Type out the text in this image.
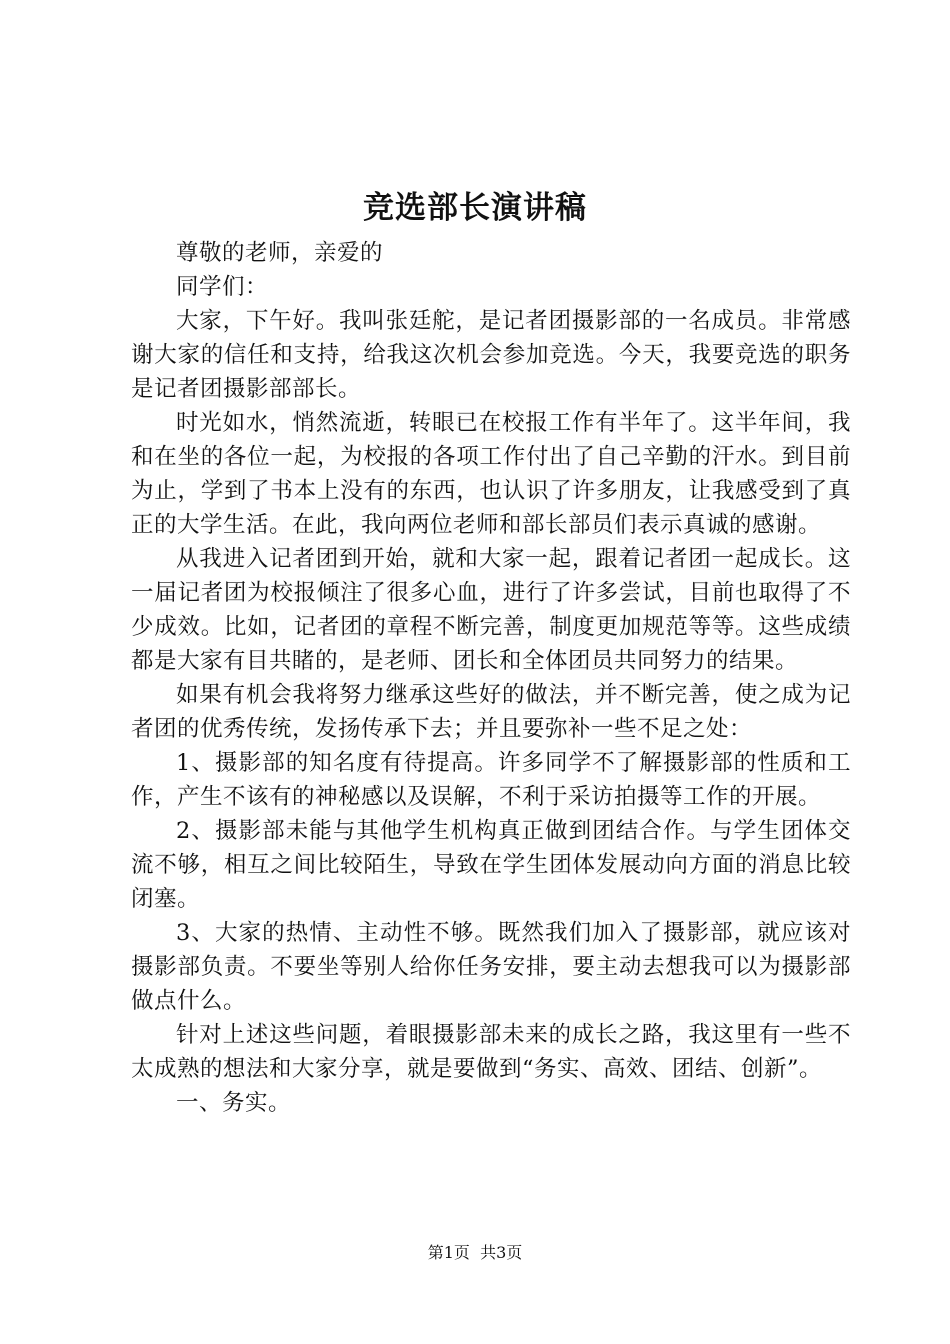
竞选部长演讲稿

尊敬的老师，亲爱的

同学们：

大家，下午好。我叫张廷舵，是记者团摄影部的一名成员。非常感谢大家的信任和支持，给我这次机会参加竞选。今天，我要竞选的职务是记者团摄影部部长。

时光如水，悄然流逝，转眼已在校报工作有半年了。这半年间，我和在坐的各位一起，为校报的各项工作付出了自己辛勤的汗水。到目前为止，学到了书本上没有的东西，也认识了许多朋友，让我感受到了真正的大学生活。在此，我向两位老师和部长部员们表示真诚的感谢。

从我进入记者团到开始，就和大家一起，跟着记者团一起成长。这一届记者团为校报倾注了很多心血，进行了许多尝试，目前也取得了不少成效。比如，记者团的章程不断完善，制度更加规范等等。这些成绩都是大家有目共睹的，是老师、团长和全体团员共同努力的结果。

如果有机会我将努力继承这些好的做法，并不断完善，使之成为记者团的优秀传统，发扬传承下去；并且要弥补一些不足之处：

1、摄影部的知名度有待提高。许多同学不了解摄影部的性质和工作，产生不该有的神秘感以及误解，不利于采访拍摄等工作的开展。

2、摄影部未能与其他学生机构真正做到团结合作。与学生团体交流不够，相互之间比较陌生，导致在学生团体发展动向方面的消息比较闭塞。

3、大家的热情、主动性不够。既然我们加入了摄影部，就应该对摄影部负责。不要坐等别人给你任务安排，要主动去想我可以为摄影部做点什么。

针对上述这些问题，着眼摄影部未来的成长之路，我这里有一些不太成熟的想法和大家分享，就是要做到“务实、高效、团结、创新”。

一、务实。

第1页 共3页
